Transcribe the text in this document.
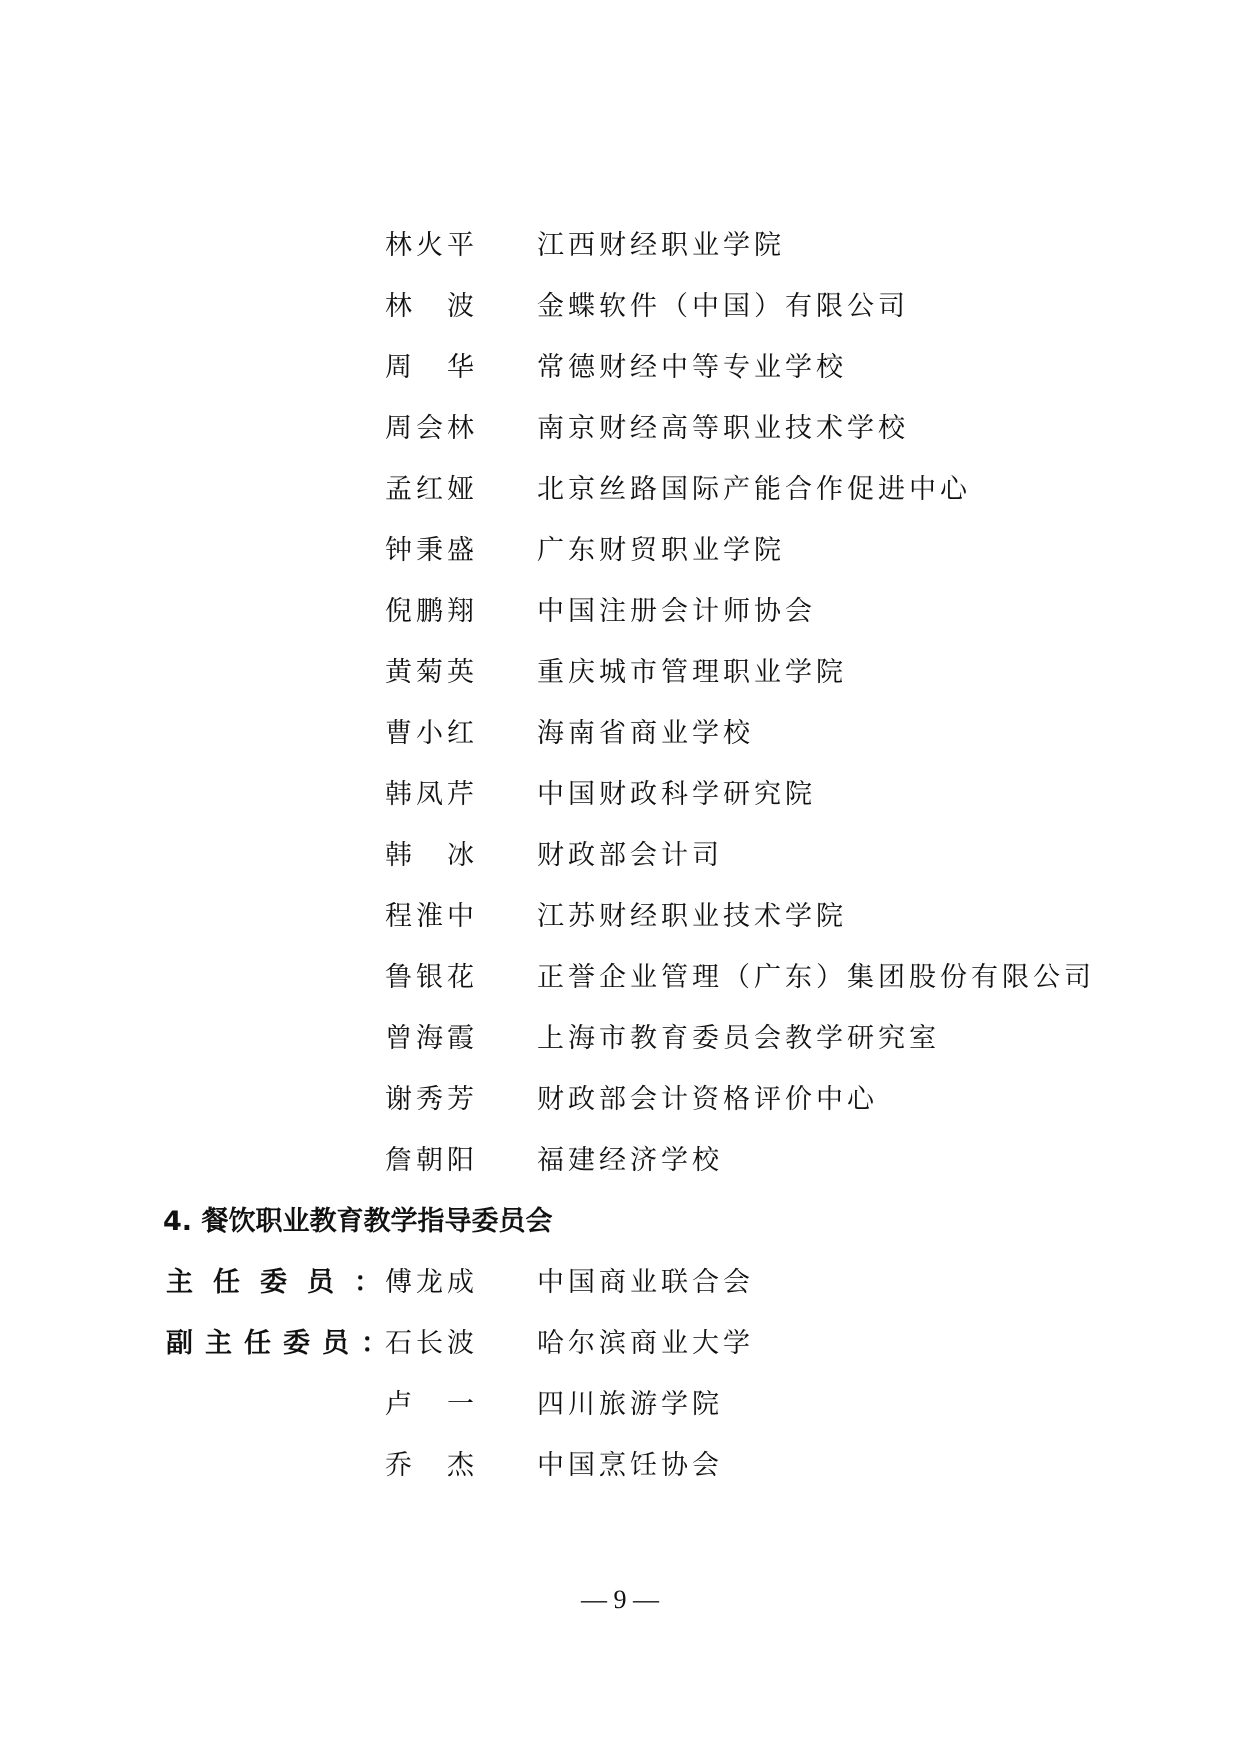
林火平 江西财经职业学院
林　波 金蝶软件（中国）有限公司
周　华 常德财经中等专业学校
周会林 南京财经高等职业技术学校
孟红娅 北京丝路国际产能合作促进中心
钟秉盛 广东财贸职业学院
倪鹏翔 中国注册会计师协会
黄菊英 重庆城市管理职业学院
曹小红 海南省商业学校
韩凤芹 中国财政科学研究院
韩　冰 财政部会计司
程淮中 江苏财经职业技术学院
鲁银花 正誉企业管理（广东）集团股份有限公司
曾海霞 上海市教育委员会教学研究室
谢秀芳 财政部会计资格评价中心
詹朝阳 福建经济学校
4. 餐饮职业教育教学指导委员会
主任委员：
傅龙成 中国商业联合会
副主任委员：
石长波 哈尔滨商业大学
卢　一 四川旅游学院
乔　杰 中国烹饪协会
— 9 —
